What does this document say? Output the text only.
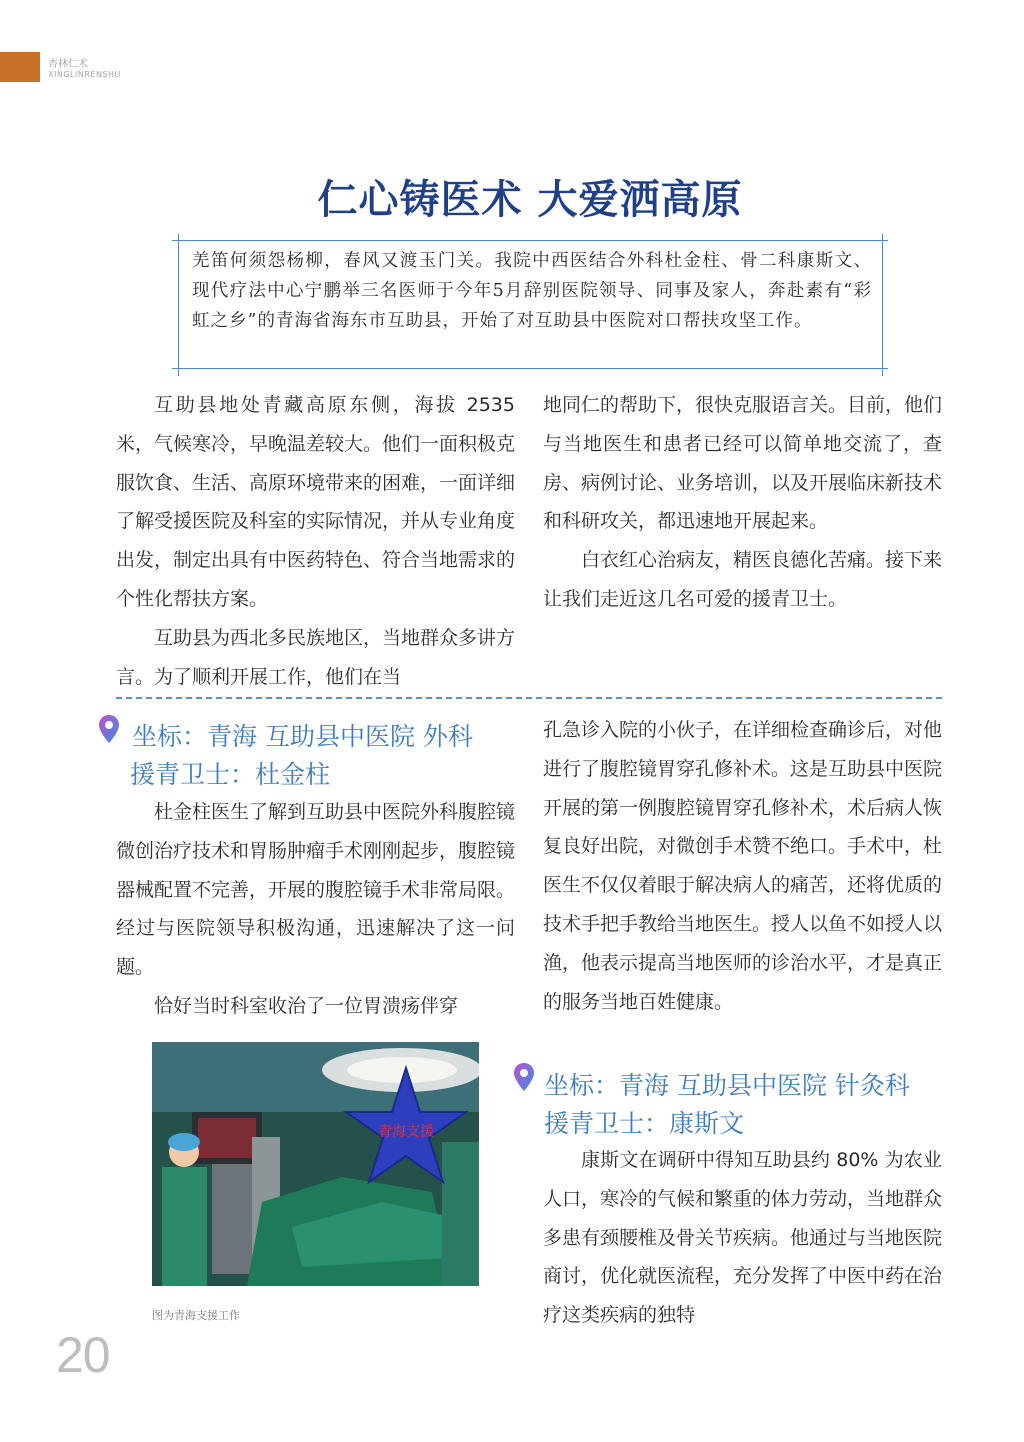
杏林仁术
XINGLINRENSHU
仁心铸医术 大爱洒高原
羌笛何须怨杨柳，春风又渡玉门关。我院中西医结合外科杜金柱、骨二科康斯文、现代疗法中心宁鹏举三名医师于今年5月辞别医院领导、同事及家人，奔赴素有“彩虹之乡”的青海省海东市互助县，开始了对互助县中医院对口帮扶攻坚工作。

互助县地处青藏高原东侧，海拔 2535 米，气候寒冷，早晚温差较大。他们一面积极克服饮食、生活、高原环境带来的困难，一面详细了解受援医院及科室的实际情况，并从专业角度出发，制定出具有中医药特色、符合当地需求的个性化帮扶方案。

互助县为西北多民族地区，当地群众多讲方言。为了顺利开展工作，他们在当

地同仁的帮助下，很快克服语言关。目前，他们与当地医生和患者已经可以简单地交流了，查房、病例讨论、业务培训，以及开展临床新技术和科研攻关，都迅速地开展起来。

白衣红心治病友，精医良德化苦痛。接下来让我们走近这几名可爱的援青卫士。

坐标：青海 互助县中医院 外科
援青卫士：杜金柱

杜金柱医生了解到互助县中医院外科腹腔镜微创治疗技术和胃肠肿瘤手术刚刚起步，腹腔镜器械配置不完善，开展的腹腔镜手术非常局限。经过与医院领导积极沟通，迅速解决了这一问题。

恰好当时科室收治了一位胃溃疡伴穿

孔急诊入院的小伙子，在详细检查确诊后，对他进行了腹腔镜胃穿孔修补术。这是互助县中医院开展的第一例腹腔镜胃穿孔修补术，术后病人恢复良好出院，对微创手术赞不绝口。手术中，杜医生不仅仅着眼于解决病人的痛苦，还将优质的技术手把手教给当地医生。授人以鱼不如授人以渔，他表示提高当地医师的诊治水平，才是真正的服务当地百姓健康。

青海支援
图为青海支援工作
坐标：青海 互助县中医院 针灸科
援青卫士：康斯文

康斯文在调研中得知互助县约 80% 为农业人口，寒冷的气候和繁重的体力劳动，当地群众多患有颈腰椎及骨关节疾病。他通过与当地医院商讨，优化就医流程，充分发挥了中医中药在治疗这类疾病的独特

20
